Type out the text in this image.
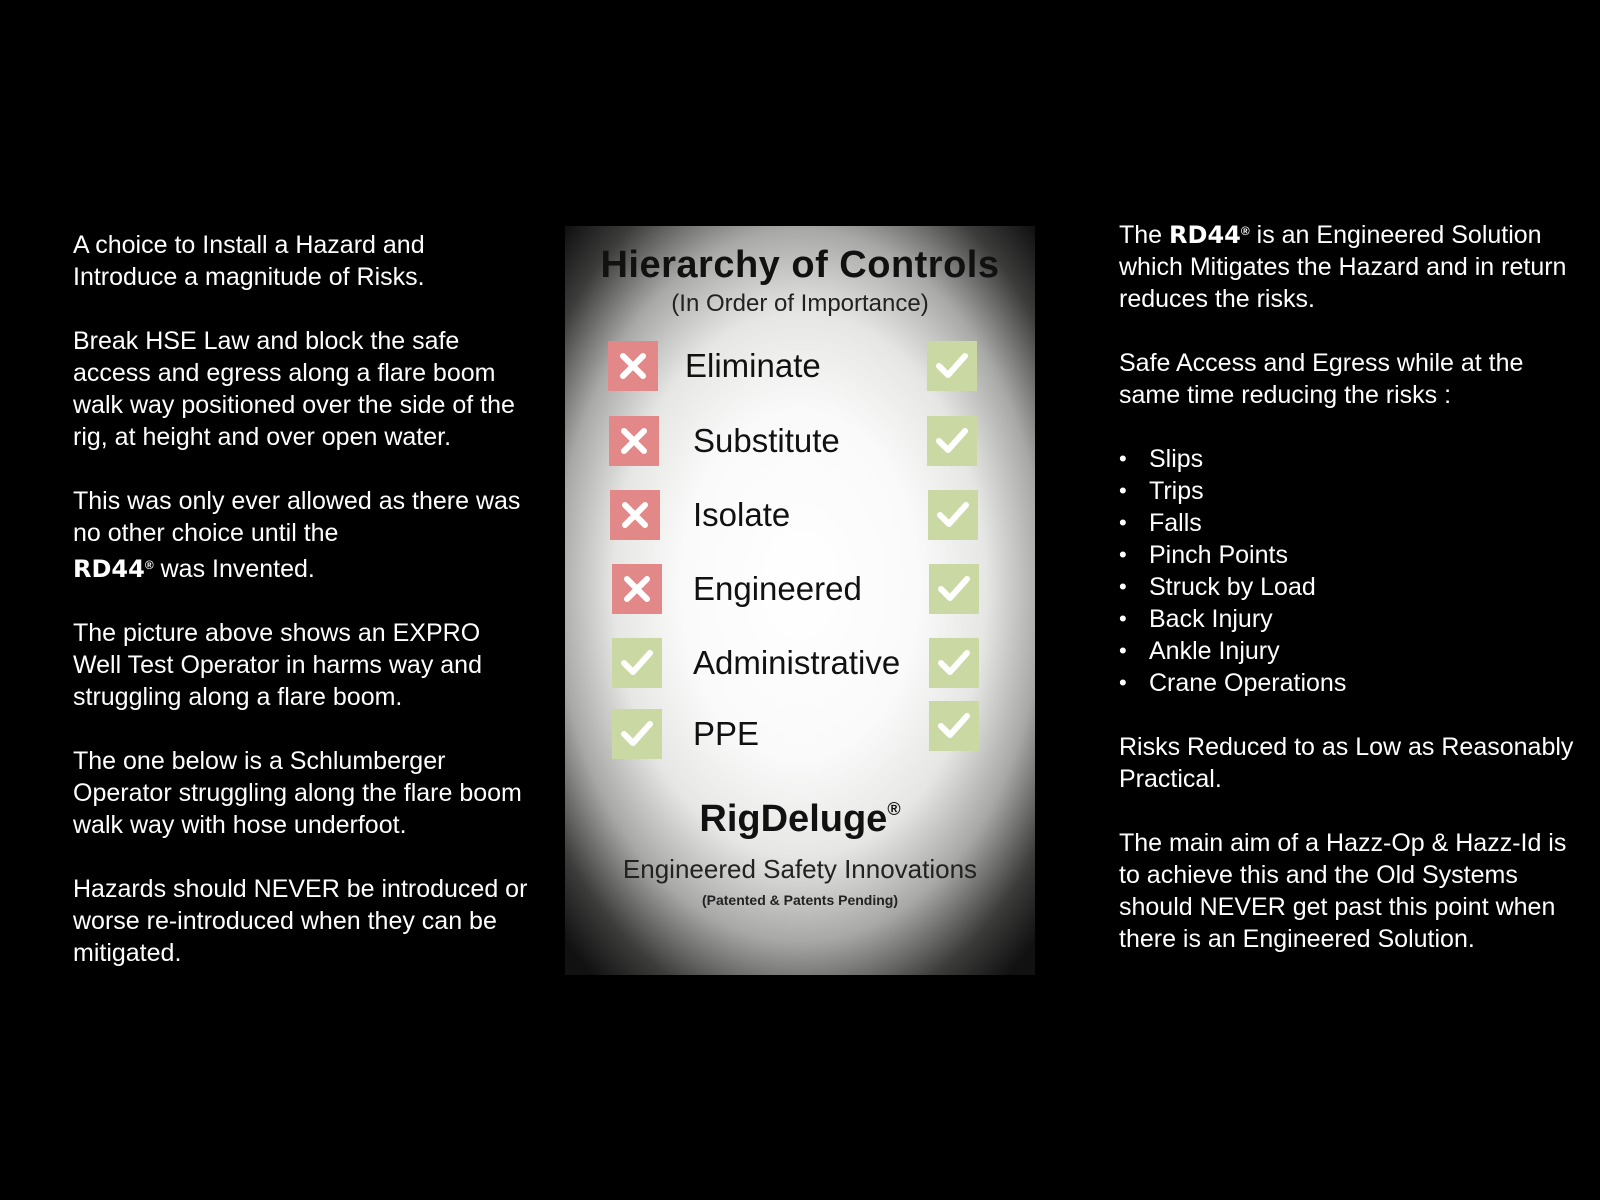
A choice to Install a Hazard and Introduce a magnitude of Risks.

Break HSE Law and block the safe access and egress along a flare boom walk way positioned over the side of the rig, at height and over open water.

This was only ever allowed as there was no other choice until the
RD44® was Invented.

The picture above shows an EXPRO Well Test Operator in harms way and struggling along a flare boom.

The one below is a Schlumberger Operator struggling along the flare boom walk way with hose underfoot.

Hazards should NEVER be introduced or worse re-introduced when they can be mitigated.

Hierarchy of Controls
(In Order of Importance)
Eliminate
Substitute
Isolate
Engineered
Administrative
PPE
RigDeluge®
Engineered Safety Innovations
(Patented & Patents Pending)

The RD44® is an Engineered Solution which Mitigates the Hazard and in return reduces the risks.

Safe Access and Egress while at the same time reducing the risks :

• Slips
• Trips
• Falls
• Pinch Points
• Struck by Load
• Back Injury
• Ankle Injury
• Crane Operations

Risks Reduced to as Low as Reasonably Practical.

The main aim of a Hazz-Op & Hazz-Id is to achieve this and the Old Systems should NEVER get past this point when there is an Engineered Solution.
